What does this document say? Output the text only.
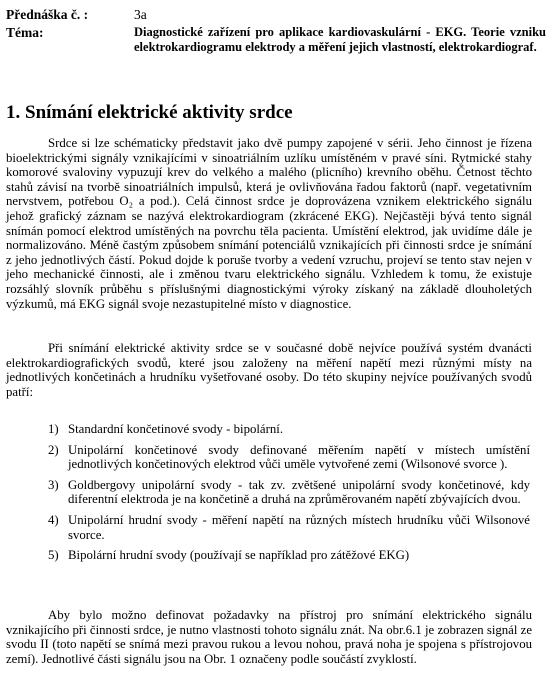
Přednáška č. :	3a
Téma:	Diagnostické zařízení pro aplikace kardiovaskulární - EKG. Teorie vzniku elektrokardiogramu elektrody a měření jejich vlastností, elektrokardiograf.
1. Snímání elektrické aktivity srdce
Srdce si lze schématicky představit jako dvě pumpy zapojené v sérii. Jeho činnost je řízena bioelektrickými signály vznikajícími v sinoatriálním uzlíku umístěném v pravé síni. Rytmické stahy komorové svaloviny vypuzují krev do velkého a malého (plicního) krevního oběhu. Četnost těchto stahů závisí na tvorbě sinoatriálních impulsů, která je ovlivňována řadou faktorů (např. vegetativním nervstvem, potřebou O₂ a pod.). Celá činnost srdce je doprovázena vznikem elektrického signálu jehož grafický záznam se nazývá elektrokardiogram (zkrácené EKG). Nejčastěji bývá tento signál snímán pomocí elektrod umístěných na povrchu těla pacienta. Umístění elektrod, jak uvidíme dále je normalizováno. Méně častým způsobem snímání potenciálů vznikajících při činnosti srdce je snímání z jeho jednotlivých částí. Pokud dojde k poruše tvorby a vedení vzruchu, projeví se tento stav nejen v jeho mechanické činnosti, ale i změnou tvaru elektrického signálu. Vzhledem k tomu, že existuje rozsáhlý slovník průběhu s příslušnými diagnostickými výroky získaný na základě dlouholetých výzkumů, má EKG signál svoje nezastupitelné místo v diagnostice.
Při snímání elektrické aktivity srdce se v současné době nejvíce používá systém dvanácti elektrokardiografických svodů, které jsou založeny na měření napětí mezi různými místy na jednotlivých končetinách a hrudníku vyšetřované osoby. Do této skupiny nejvíce používaných svodů patří:
1) Standardní končetinové svody - bipolární.
2) Unipolární končetinové svody definované měřením napětí v místech umístění jednotlivých končetinových elektrod vůči uměle vytvořené zemi (Wilsonové svorce ).
3) Goldbergovy unipolární svody - tak zv. zvětšené unipolární svody končetinové, kdy diferentní elektroda je na končetině a druhá na zprůměrovaném napětí zbývajících dvou.
4) Unipolární hrudní svody - měření napětí na různých místech hrudníku vůči Wilsonové svorce.
5) Bipolární hrudní svody (používají se například pro zátěžové EKG)
Aby bylo možno definovat požadavky na přístroj pro snímání elektrického signálu vznikajícího při činnosti srdce, je nutno vlastnosti tohoto signálu znát. Na obr.6.1 je zobrazen signál ze svodu II (toto napětí se snímá mezi pravou rukou a levou nohou, pravá noha je spojena s přístrojovou zemí). Jednotlivé části signálu jsou na Obr. 1 označeny podle součástí zvyklostí.
